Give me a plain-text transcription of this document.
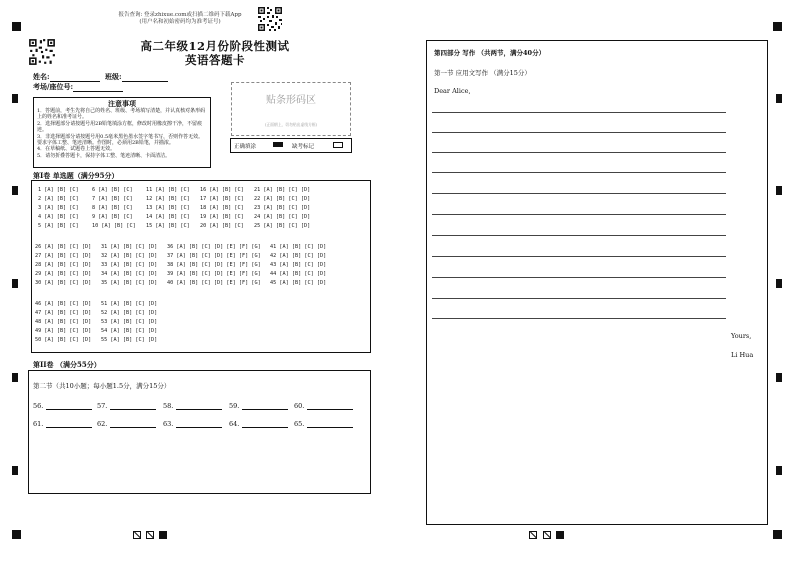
报告查询: 登录zhixue.com或扫描二维码下载App
(用户名和初始密码均为准考证号)
高二年级12月份阶段性测试
英语答题卡
姓名:	班级:
考场/座位号:
注意事项
1．答题前，考生先将自己的姓名、班级、考场填写清楚，并认真核对条形码上的姓名和准考证号。
2．选择题部分请按题号用2B铅笔填涂方框，修改时用橡皮擦干净，不留痕迹。
3．非选择题部分请按题号用0.5毫米黑色墨水签字笔书写，否则作答无效。要求字体工整、笔迹清晰。作图时，必须用2B铅笔，并描浓。
4．在草稿纸、试题卷上答题无效。
5．请勿折叠答题卡，保持字体工整、笔迹清晰、卡面清洁。
贴条形码区
(正面朝上，切勿贴出虚线方框)
正确填涂	缺考标记
第I卷 单选题（满分95分）
1 [A] [B] [C]	6 [A] [B] [C]	11 [A] [B] [C] 16 [A] [B] [C] 21 [A] [B] [C] [D]
2 [A] [B] [C]	7 [A] [B] [C]	12 [A] [B] [C] 17 [A] [B] [C] 22 [A] [B] [C] [D]
3 [A] [B] [C]	8 [A] [B] [C]	13 [A] [B] [C] 18 [A] [B] [C] 23 [A] [B] [C] [D]
4 [A] [B] [C]	9 [A] [B] [C]	14 [A] [B] [C] 19 [A] [B] [C] 24 [A] [B] [C] [D]
5 [A] [B] [C]	10 [A] [B] [C] 15 [A] [B] [C] 20 [A] [B] [C] 25 [A] [B] [C] [D]
26 [A] [B] [C] [D] 31 [A] [B] [C] [D] 36 [A] [B] [C] [D] [E] [F] [G] 41 [A] [B] [C] [D]
27 [A] [B] [C] [D] 32 [A] [B] [C] [D] 37 [A] [B] [C] [D] [E] [F] [G] 42 [A] [B] [C] [D]
28 [A] [B] [C] [D] 33 [A] [B] [C] [D] 38 [A] [B] [C] [D] [E] [F] [G] 43 [A] [B] [C] [D]
29 [A] [B] [C] [D] 34 [A] [B] [C] [D] 39 [A] [B] [C] [D] [E] [F] [G] 44 [A] [B] [C] [D]
30 [A] [B] [C] [D] 35 [A] [B] [C] [D] 40 [A] [B] [C] [D] [E] [F] [G] 45 [A] [B] [C] [D]
46 [A] [B] [C] [D] 51 [A] [B] [C] [D]
47 [A] [B] [C] [D] 52 [A] [B] [C] [D]
48 [A] [B] [C] [D] 53 [A] [B] [C] [D]
49 [A] [B] [C] [D] 54 [A] [B] [C] [D]
50 [A] [B] [C] [D] 55 [A] [B] [C] [D]
第II卷 （满分55分）
第二节（共10小题；每小题1.5分，满分15分）
56.	57.	58.	59.	60.
61.	62.	63.	64.	65.
第四部分 写作 （共两节，满分40分）
第一节 应用文写作 （满分15分）
Dear Alice,
Yours,
Li Hua
